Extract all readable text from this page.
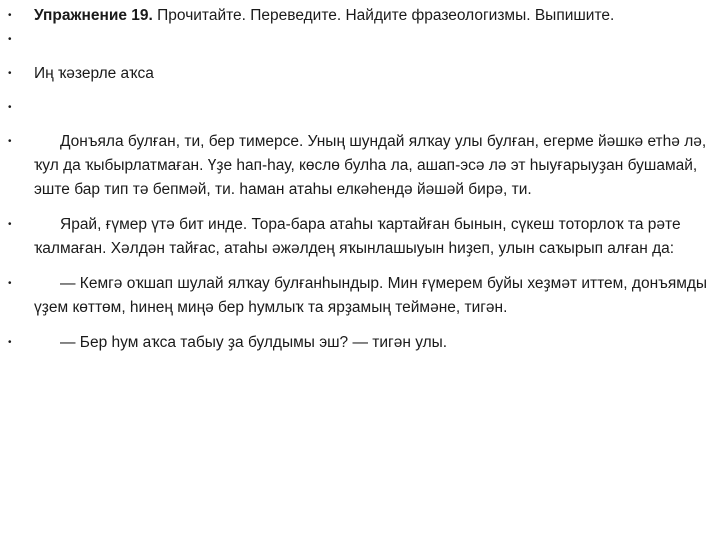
•	Упражнение 19. Прочитайте. Переведите. Найдите фразеологизмы. Выпишите.
•
•	Иң ҡәзерле аҡса
•
•	Донъяла булған, ти, бер тимерсе. Уның шундай ялҡау улы булған, егерме йәшкә етһә лә, ҡул да ҡыбырлатмаған. Үҙе һап-һау, көслө булһа ла, ашап-эсә лә эт һыуғарыуҙан бушамай, эште бар тип тә бепмәй, ти. һаман атаһы елкәһендә йәшәй бирә, ти.
•	Ярай, ғүмер үтә бит инде. Тора-бара атаһы ҡартайған бынын, сүкеш тоторлоҡ та рәте ҡалмаған. Хәлдән тайғас, атаһы әжәлдең яҡынлашыуын һиҙеп, улын саҡырып алған да:
•	— Кемгә оҡшап шулай ялҡау булғанһындыр. Мин ғүмерем буйы хеҙмәт иттем, донъямды үҙем көттөм, һинең миңә бер һумлыҡ та ярҙамың теймәне, тигән.
•	— Бер һум аҡса табыу ҙа булдымы эш? — тигән улы.
